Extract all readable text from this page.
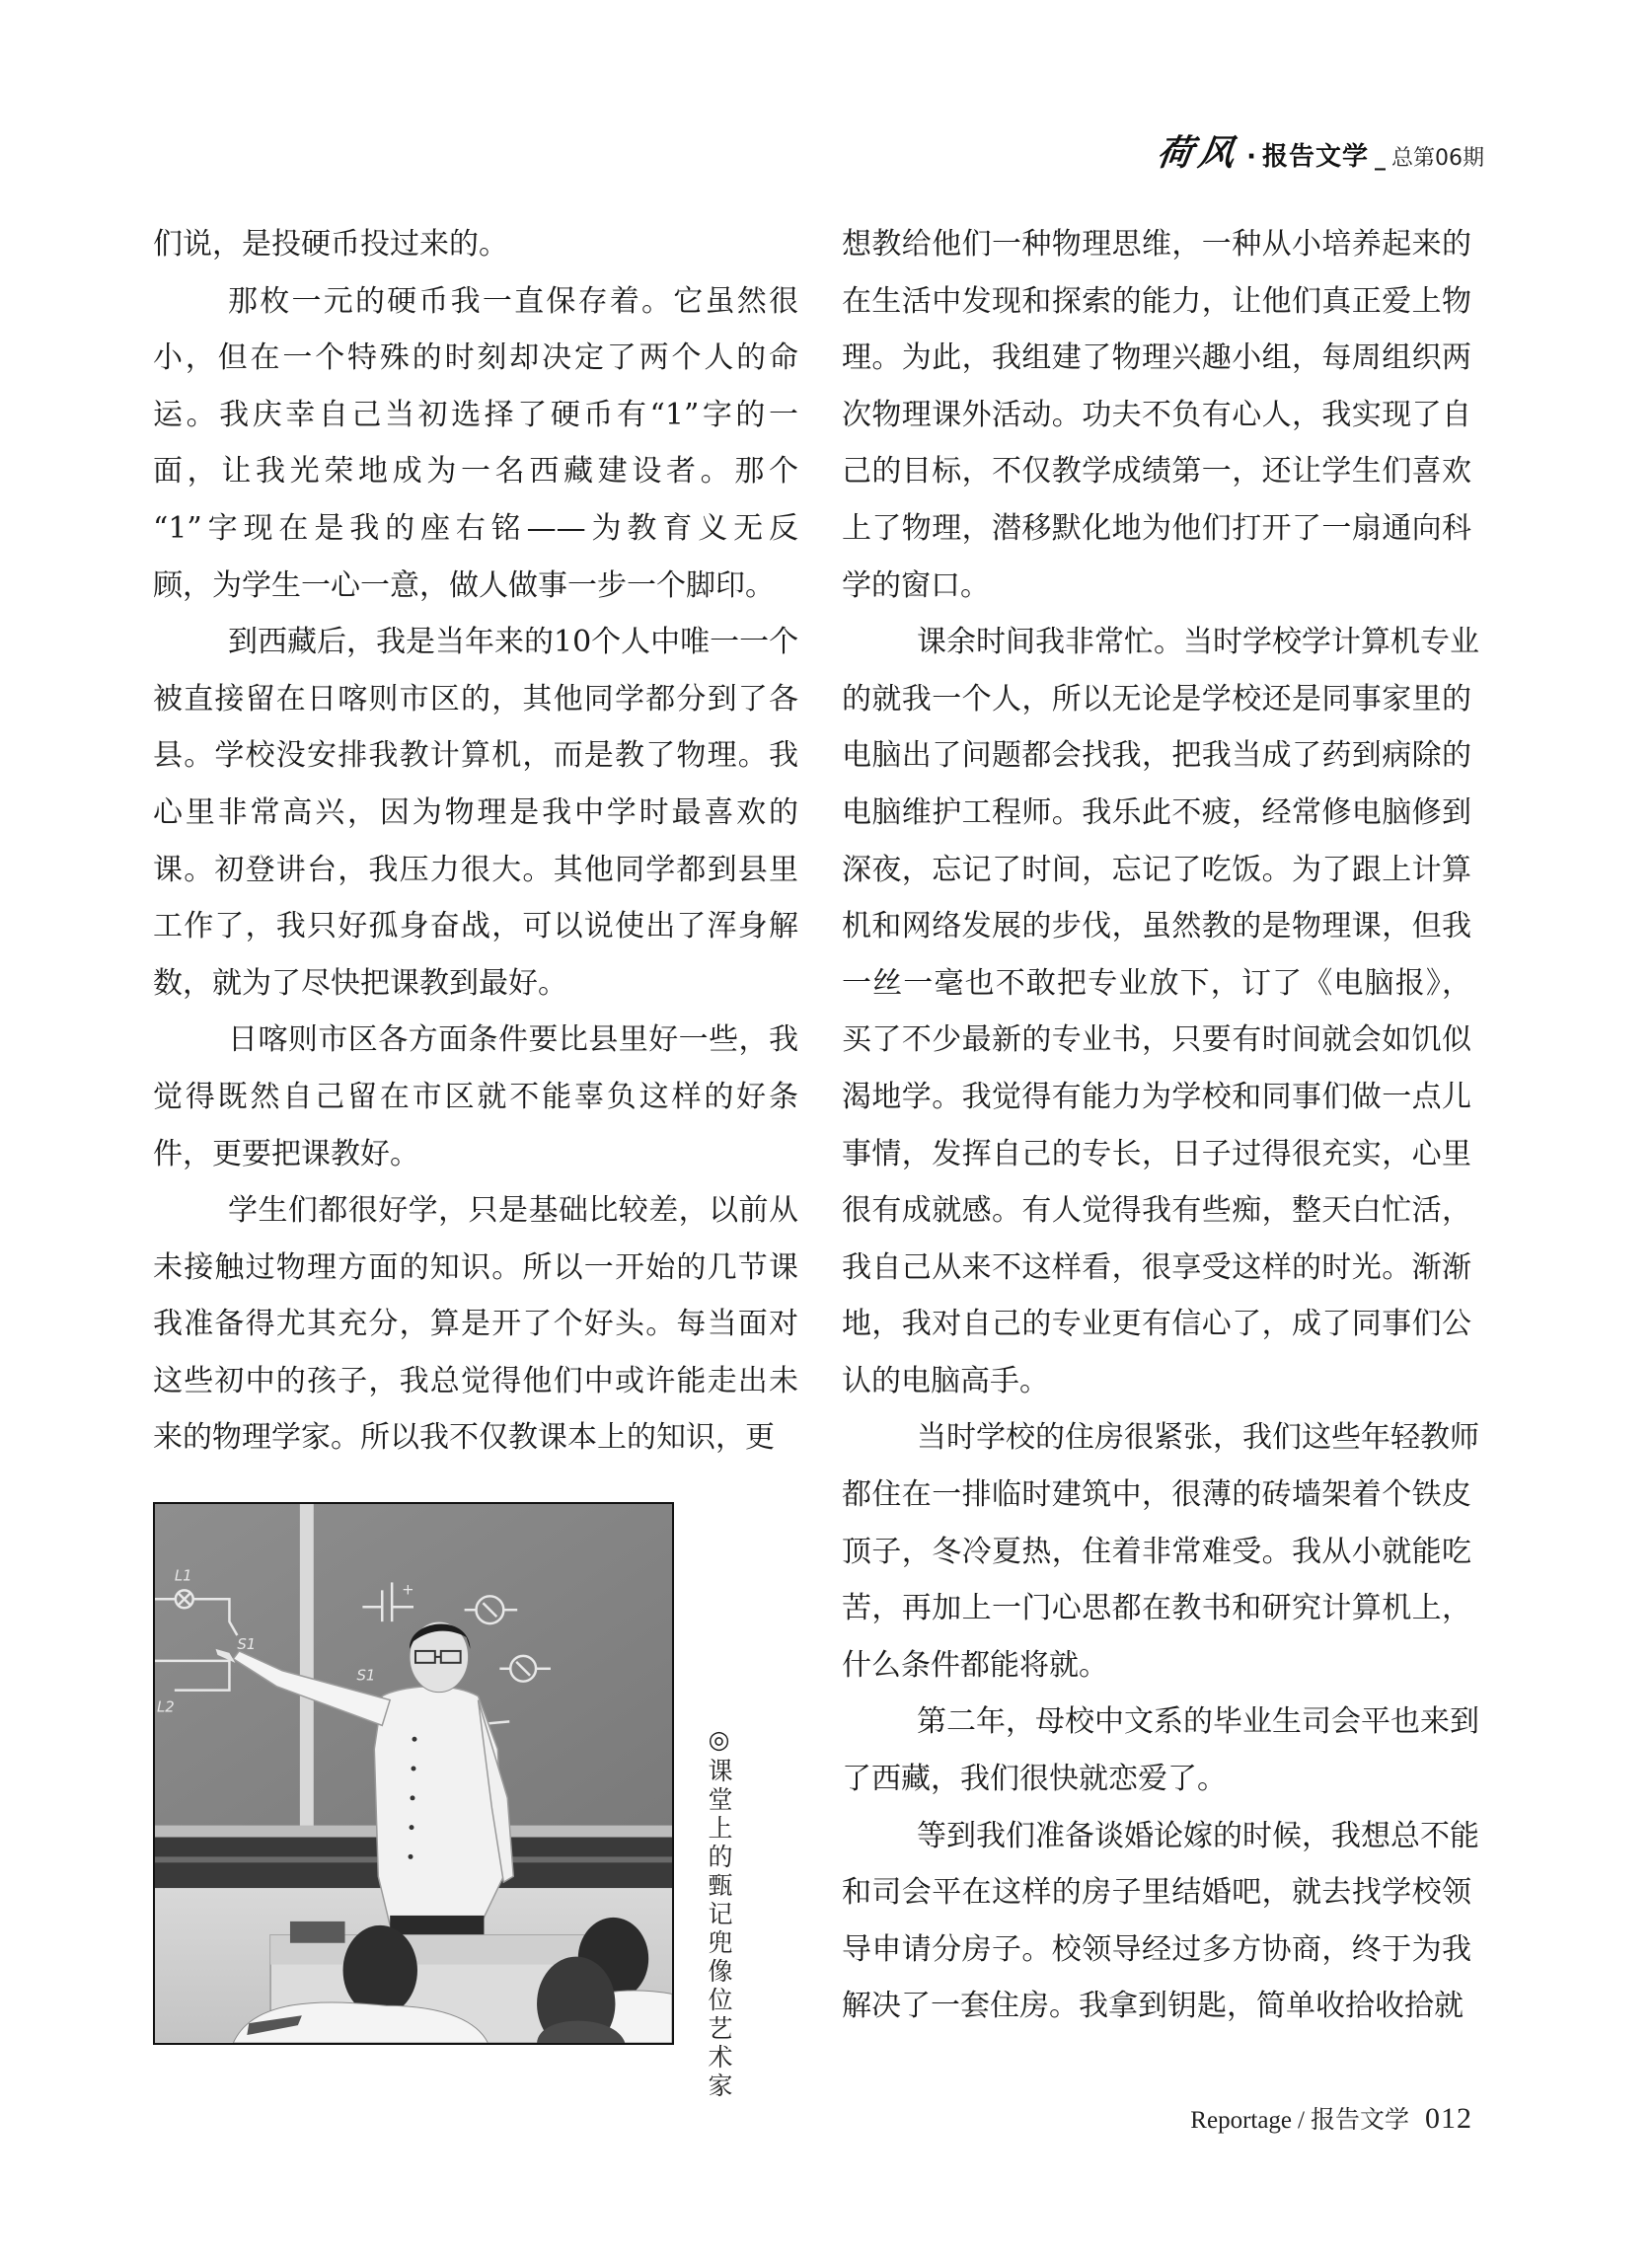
荷风 · 报告文学 _ 总第06期
们说，是投硬币投过来的。
那枚一元的硬币我一直保存着。它虽然很
小，但在一个特殊的时刻却决定了两个人的命
运。我庆幸自己当初选择了硬币有“1”字的一
面，让我光荣地成为一名西藏建设者。那个
“1”字现在是我的座右铭——为教育义无反
顾，为学生一心一意，做人做事一步一个脚印。
到西藏后，我是当年来的10个人中唯一一个
被直接留在日喀则市区的，其他同学都分到了各
县。学校没安排我教计算机，而是教了物理。我
心里非常高兴，因为物理是我中学时最喜欢的
课。初登讲台，我压力很大。其他同学都到县里
工作了，我只好孤身奋战，可以说使出了浑身解
数，就为了尽快把课教到最好。
日喀则市区各方面条件要比县里好一些，我
觉得既然自己留在市区就不能辜负这样的好条
件，更要把课教好。
学生们都很好学，只是基础比较差，以前从
未接触过物理方面的知识。所以一开始的几节课
我准备得尤其充分，算是开了个好头。每当面对
这些初中的孩子，我总觉得他们中或许能走出未
来的物理学家。所以我不仅教课本上的知识，更
想教给他们一种物理思维，一种从小培养起来的
在生活中发现和探索的能力，让他们真正爱上物
理。为此，我组建了物理兴趣小组，每周组织两
次物理课外活动。功夫不负有心人，我实现了自
己的目标，不仅教学成绩第一，还让学生们喜欢
上了物理，潜移默化地为他们打开了一扇通向科
学的窗口。
课余时间我非常忙。当时学校学计算机专业
的就我一个人，所以无论是学校还是同事家里的
电脑出了问题都会找我，把我当成了药到病除的
电脑维护工程师。我乐此不疲，经常修电脑修到
深夜，忘记了时间，忘记了吃饭。为了跟上计算
机和网络发展的步伐，虽然教的是物理课，但我
一丝一毫也不敢把专业放下，订了《电脑报》，
买了不少最新的专业书，只要有时间就会如饥似
渴地学。我觉得有能力为学校和同事们做一点儿
事情，发挥自己的专长，日子过得很充实，心里
很有成就感。有人觉得我有些痴，整天白忙活，
我自己从来不这样看，很享受这样的时光。渐渐
地，我对自己的专业更有信心了，成了同事们公
认的电脑高手。
当时学校的住房很紧张，我们这些年轻教师
都住在一排临时建筑中，很薄的砖墙架着个铁皮
顶子，冬冷夏热，住着非常难受。我从小就能吃
苦，再加上一门心思都在教书和研究计算机上，
什么条件都能将就。
第二年，母校中文系的毕业生司会平也来到
了西藏，我们很快就恋爱了。
等到我们准备谈婚论嫁的时候，我想总不能
和司会平在这样的房子里结婚吧，就去找学校领
导申请分房子。校领导经过多方协商，终于为我
解决了一套住房。我拿到钥匙，简单收拾收拾就
L1
S1
S1
+
L2
◎课堂上的甄记兜像位艺术家
Reportage / 报告文学 012
